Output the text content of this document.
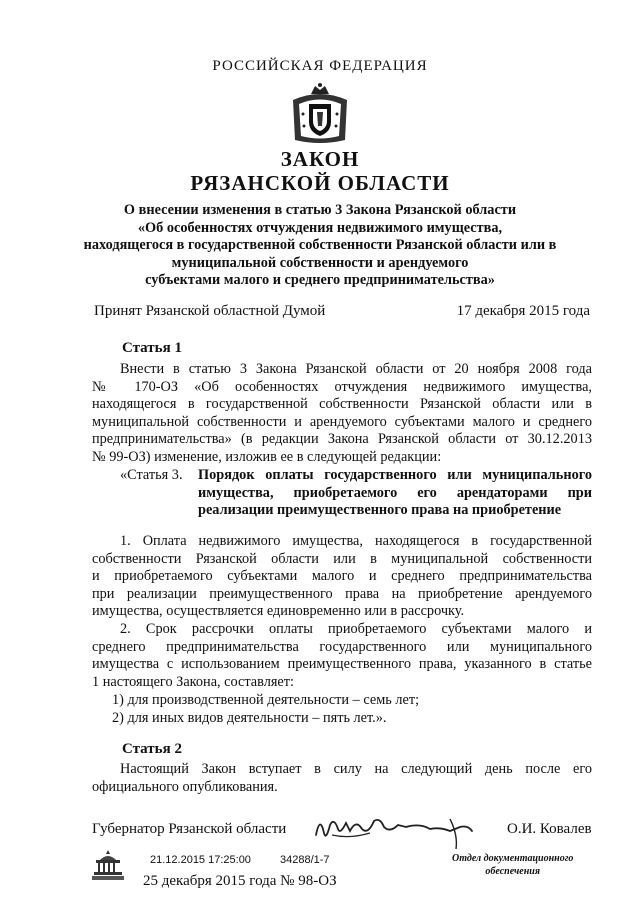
РОССИЙСКАЯ ФЕДЕРАЦИЯ
ЗАКОН
РЯЗАНСКОЙ ОБЛАСТИ
О внесении изменения в статью 3 Закона Рязанской области
«Об особенностях отчуждения недвижимого имущества,
находящегося в государственной собственности Рязанской области или в
муниципальной собственности и арендуемого
субъектами малого и среднего предпринимательства»
Принят Рязанской областной Думой	17 декабря 2015 года
Статья 1
Внести в статью 3 Закона Рязанской области от 20 ноября 2008 года
№ 170-ОЗ «Об особенностях отчуждения недвижимого имущества,
находящегося в государственной собственности Рязанской области или в
муниципальной собственности и арендуемого субъектами малого и среднего
предпринимательства» (в редакции Закона Рязанской области от 30.12.2013
№ 99-ОЗ) изменение, изложив ее в следующей редакции:
«Статья 3. Порядок оплаты государственного или муниципального
имущества, приобретаемого его арендаторами при
реализации преимущественного права на приобретение
1. Оплата недвижимого имущества, находящегося в государственной
собственности Рязанской области или в муниципальной собственности
и приобретаемого субъектами малого и среднего предпринимательства
при реализации преимущественного права на приобретение арендуемого
имущества, осуществляется единовременно или в рассрочку.
2. Срок рассрочки оплаты приобретаемого субъектами малого и
среднего предпринимательства государственного или муниципального
имущества с использованием преимущественного права, указанного в статье
1 настоящего Закона, составляет:
1) для производственной деятельности – семь лет;
2) для иных видов деятельности – пять лет.».
Статья 2
Настоящий Закон вступает в силу на следующий день после его
официального опубликования.
Губернатор Рязанской области	О.И. Ковалев
21.12.2015 17:25:00	34288/1-7	Отдел документационного
обеспечения
25 декабря 2015 года № 98-ОЗ
